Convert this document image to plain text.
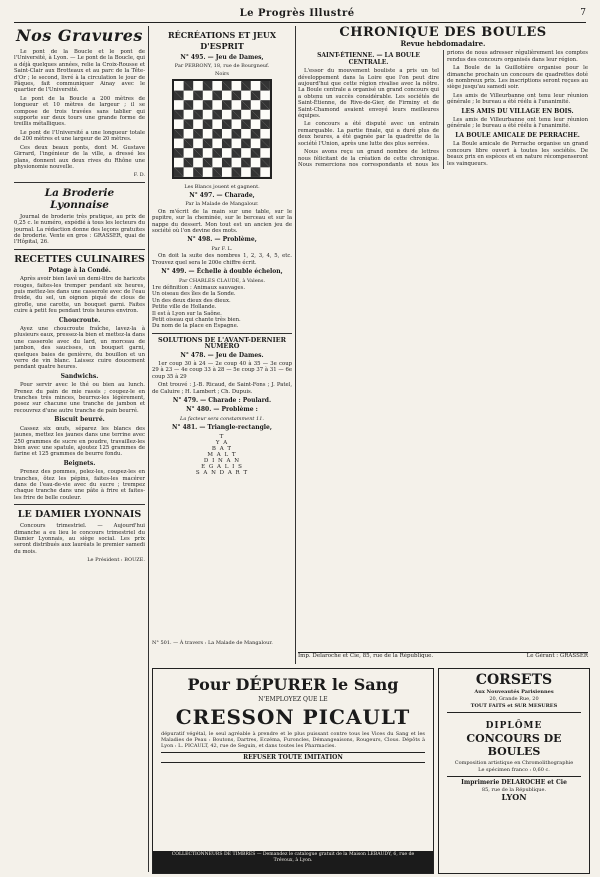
Le Progrès Illustré	7
Nos Gravures

Le pont de la Boucle et le pont de l'Université, à Lyon. — Le pont de la Boucle, qui a déjà quelques années, relie la Croix-Rousse et Saint-Clair aux Brotteaux et au parc de la Tête-d'Or ; le second, livré à la circulation le jour de Pâques, fait communiquer Ainay avec le quartier de l'Université.

Le pont de la Boucle a 200 mètres de longueur et 10 mètres de largeur ; il se compose de trois travées sans tablier qui supporte sur deux tours une grande forme de treillis métalliques.

Le pont de l'Université a une longueur totale de 200 mètres et une largeur de 20 mètres.

Ces deux beaux ponts, dont M. Gustave Girrard, l'ingénieur de la ville, a dressé les plans, donnent aux deux rives du Rhône une physionomie nouvelle.

F. D.
La Broderie Lyonnaise

Journal de broderie très pratique, au prix de 0,25 c. le numéro, expédié à tous les lecteurs du journal. La rédaction donne des leçons gratuites de broderie. Vente en gros : GRASSER, quai de l'Hôpital, 26.

RECETTES CULINAIRES
Potage à la Condé.

Après avoir bien lavé un demi-litre de haricots rouges, faites-les tremper pendant six heures, puis mettez-les dans une casserole avec de l'eau froide, du sel, un oignon piqué de clous de girofle, une carotte, un bouquet garni. Faites cuire à petit feu pendant trois heures environ.

Choucroute.

Ayez une choucroute fraîche, lavez-la à plusieurs eaux, pressez-la bien et mettez-la dans une casserole avec du lard, un morceau de jambon, des saucisses, un bouquet garni, quelques baies de genièvre, du bouillon et un verre de vin blanc. Laissez cuire doucement pendant quatre heures.

Sandwichs.

Pour servir avec le thé ou bien au lunch. Prenez du pain de mie rassis ; coupez-le en tranches très minces, beurrez-les légèrement, posez sur chacune une tranche de jambon et recouvrez d'une autre tranche de pain beurré.

Biscuit beurré.

Cassez six œufs, séparez les blancs des jaunes, mettez les jaunes dans une terrine avec 250 grammes de sucre en poudre, travaillez-les bien avec une spatule, ajoutez 125 grammes de farine et 125 grammes de beurre fondu.

Beignets.

Prenez des pommes, pelez-les, coupez-les en tranches, ôtez les pépins, faites-les macérer dans de l'eau-de-vie avec du sucre ; trempez chaque tranche dans une pâte à frire et faites-les frire de belle couleur.

LE DAMIER LYONNAIS

Concours trimestriel. — Aujourd'hui dimanche a eu lieu le concours trimestriel du Damier Lyonnais, au siège social. Les prix seront distribués aux lauréats le premier samedi du mois.

Le Président : BOUZE.
RÉCRÉATIONS ET JEUX D'ESPRIT
N° 495. — Jeu de Dames,
Par PERRONY, 18, rue de Bourgneuf.
Noirs
Les Blancs jouent et gagnent.
N° 497. — Charade,
Par la Malade de Mangalour.

On m'écrit de la main sur une table, sur le pupitre, sur la cheminée, sur le berceau et sur la nappe du dessert. Mon tout est un ancien jeu de société où l'on devine des mots.

N° 498. — Problème,
Par F. L.

On doit la suite des nombres 1, 2, 3, 4, 5, etc. Trouvez quel sera le 200e chiffre écrit.

N° 499. — Échelle à double échelon,
Par CHARLES CLAUDE, à Valens.
1re définition : Animaux sauvages.
Un oiseau des îles de la Sonde.
Un des deux dieux des dieux.
Petite ville de Hollande.
Il est à Lyon sur la Saône.
Petit oiseau qui chante très bien.
Du nom de la place en Espagne.
SOLUTIONS DE L'AVANT-DERNIER NUMÉRO
N° 478. — Jeu de Dames.

1er coup 30 à 24 — 2e coup 40 à 35 — 3e coup 29 à 23 — 4e coup 33 à 28 — 5e coup 37 à 31 — 6e coup 35 à 29

Ont trouvé : J.-B. Ricaud, de Saint-Fons ; J. Patel, de Caluire ; H. Lambert ; Ch. Dupuis.

N° 479. — Charade : Poulard.
N° 480. — Problème :
La facteur sera constamment 11.
N° 481. — Triangle-rectangle,
T
Y A
B A T
M A L T
D I N A N
E G A L I S
S A N D A R T
N° 501. — À travers : La Malade de Mangalour.
CHRONIQUE DES BOULES
Revue hebdomadaire.
SAINT-ÉTIENNE. — LA BOULE CENTRALE.

L'essor du mouvement bouliste a pris un tel développement dans la Loire que l'on peut dire aujourd'hui que cette région rivalise avec la nôtre. La Boule centrale a organisé un grand concours qui a obtenu un succès considérable. Les sociétés de Saint-Étienne, de Rive-de-Gier, de Firminy et de Saint-Chamond avaient envoyé leurs meilleures équipes.

Le concours a été disputé avec un entrain remarquable. La partie finale, qui a duré plus de deux heures, a été gagnée par la quadrette de la société l'Union, après une lutte des plus serrées.

Nous avons reçu un grand nombre de lettres nous félicitant de la création de cette chronique. Nous remercions nos correspondants et nous les prions de nous adresser régulièrement les comptes rendus des concours organisés dans leur région.

La Boule de la Guillotière organise pour le dimanche prochain un concours de quadrettes doté de nombreux prix. Les inscriptions seront reçues au siège jusqu'au samedi soir.

Les amis de Villeurbanne ont tenu leur réunion générale ; le bureau a été réélu à l'unanimité.

LES AMIS DU VILLAGE EN BOIS.

Les amis de Villeurbanne ont tenu leur réunion générale ; le bureau a été réélu à l'unanimité.

LA BOULE AMICALE DE PERRACHE.

La Boule amicale de Perrache organise un grand concours libre ouvert à toutes les sociétés. De beaux prix en espèces et en nature récompenseront les vainqueurs.

Imp. Delaroche et Cie, 85, rue de la République.	Le Gérant : GRASSER
Pour DÉPURER le Sang
N'EMPLOYEZ QUE LE
CRESSON PICAULT
dépuratif végétal, le seul agréable à prendre et le plus puissant contre tous les Vices du Sang et les Maladies de Peau : Boutons, Dartres, Eczéma, Furoncles, Démangeaisons, Rougeurs, Clous. Dépôts à Lyon : L. PICAULT, 42, rue de Seguin, et dans toutes les Pharmacies.
REFUSER TOUTE IMITATION
COLLECTIONNEURS DE TIMBRES — Demandez le catalogue gratuit de la Maison LEBAUDY, 6, rue de Trévoux, à Lyon.
CORSETS
Aux Nouveautés Parisiennes
20, Grande Rue, 20
TOUT FAITS et SUR MESURES
DIPLÔME
CONCOURS DE BOULES
Composition artistique en Chromolithographie
Le spécimen franco : 0,60 c.
Imprimerie DELAROCHE et Cie
85, rue de la République.
LYON
